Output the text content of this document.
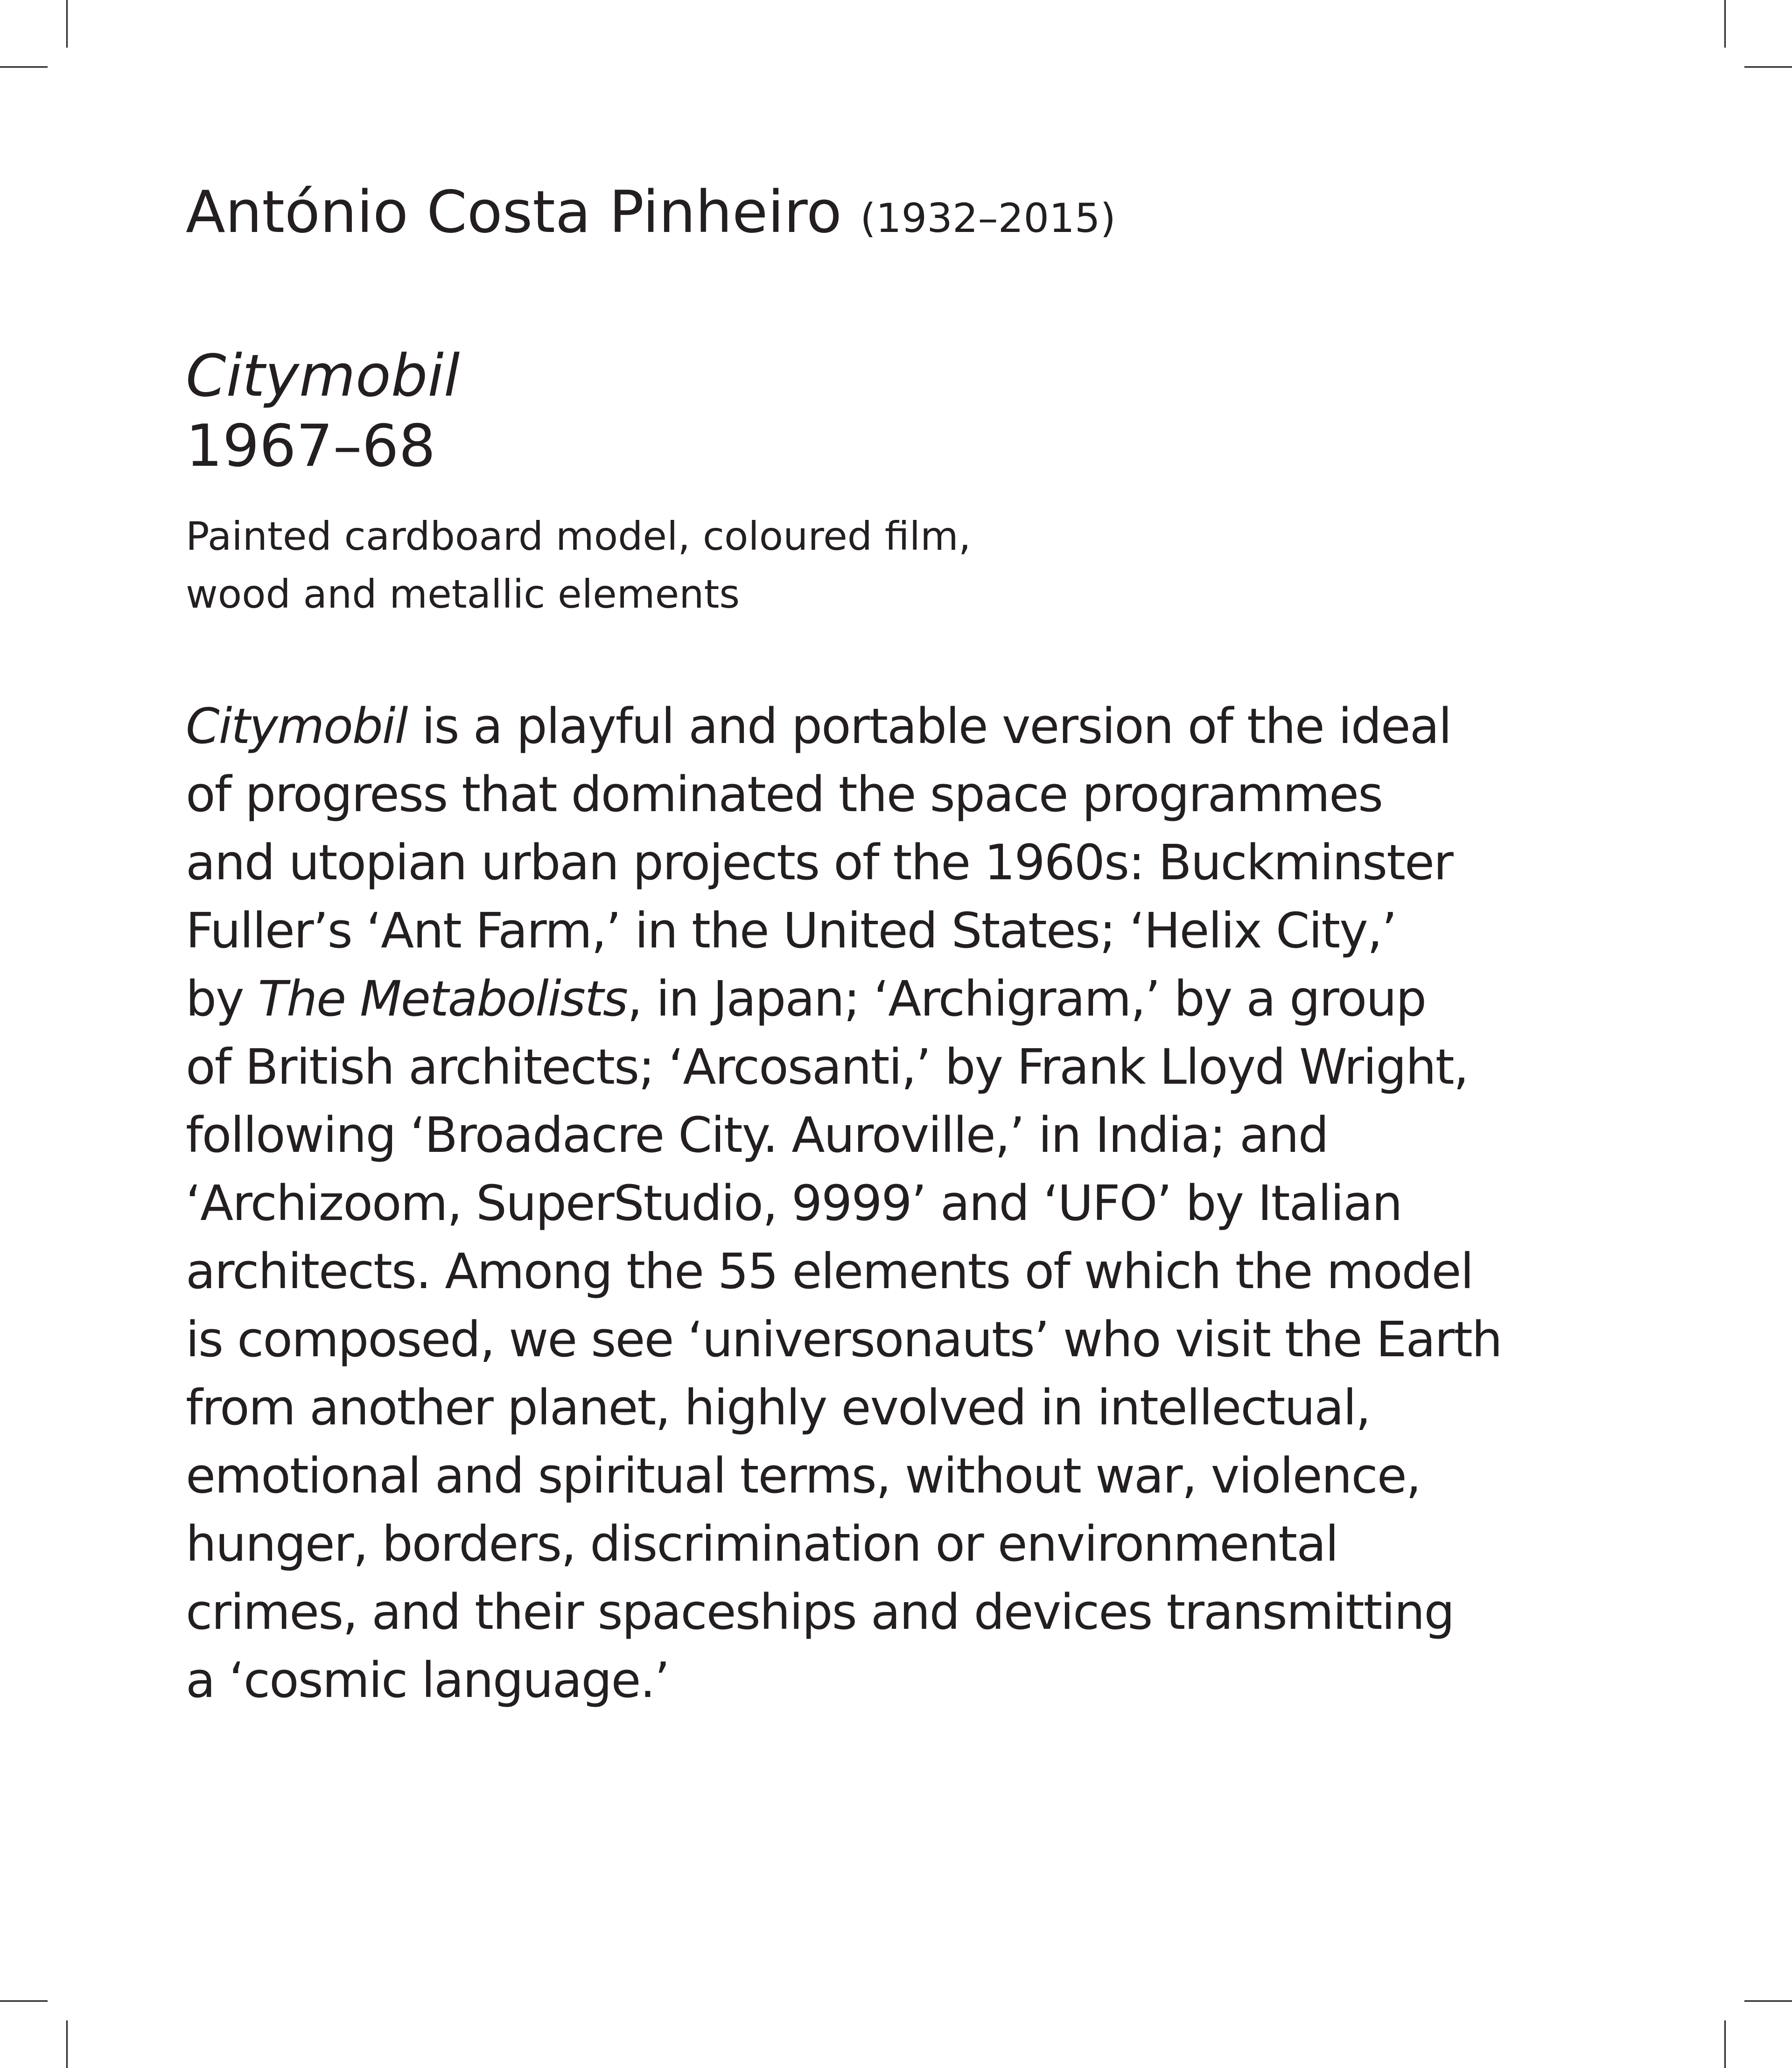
António Costa Pinheiro (1932–2015)
Citymobil
1967–68

Painted cardboard model, coloured film,
wood and metallic elements

Citymobil is a playful and portable version of the ideal
of progress that dominated the space programmes
and utopian urban projects of the 1960s: Buckminster
Fuller’s ‘Ant Farm,’ in the United States; ‘Helix City,’
by The Metabolists, in Japan; ‘Archigram,’ by a group
of British architects; ‘Arcosanti,’ by Frank Lloyd Wright,
following ‘Broadacre City. Auroville,’ in India; and
‘Archizoom, SuperStudio, 9999’ and ‘UFO’ by Italian
architects. Among the 55 elements of which the model
is composed, we see ‘universonauts’ who visit the Earth
from another planet, highly evolved in intellectual,
emotional and spiritual terms, without war, violence,
hunger, borders, discrimination or environmental
crimes, and their spaceships and devices transmitting
a ‘cosmic language.’
